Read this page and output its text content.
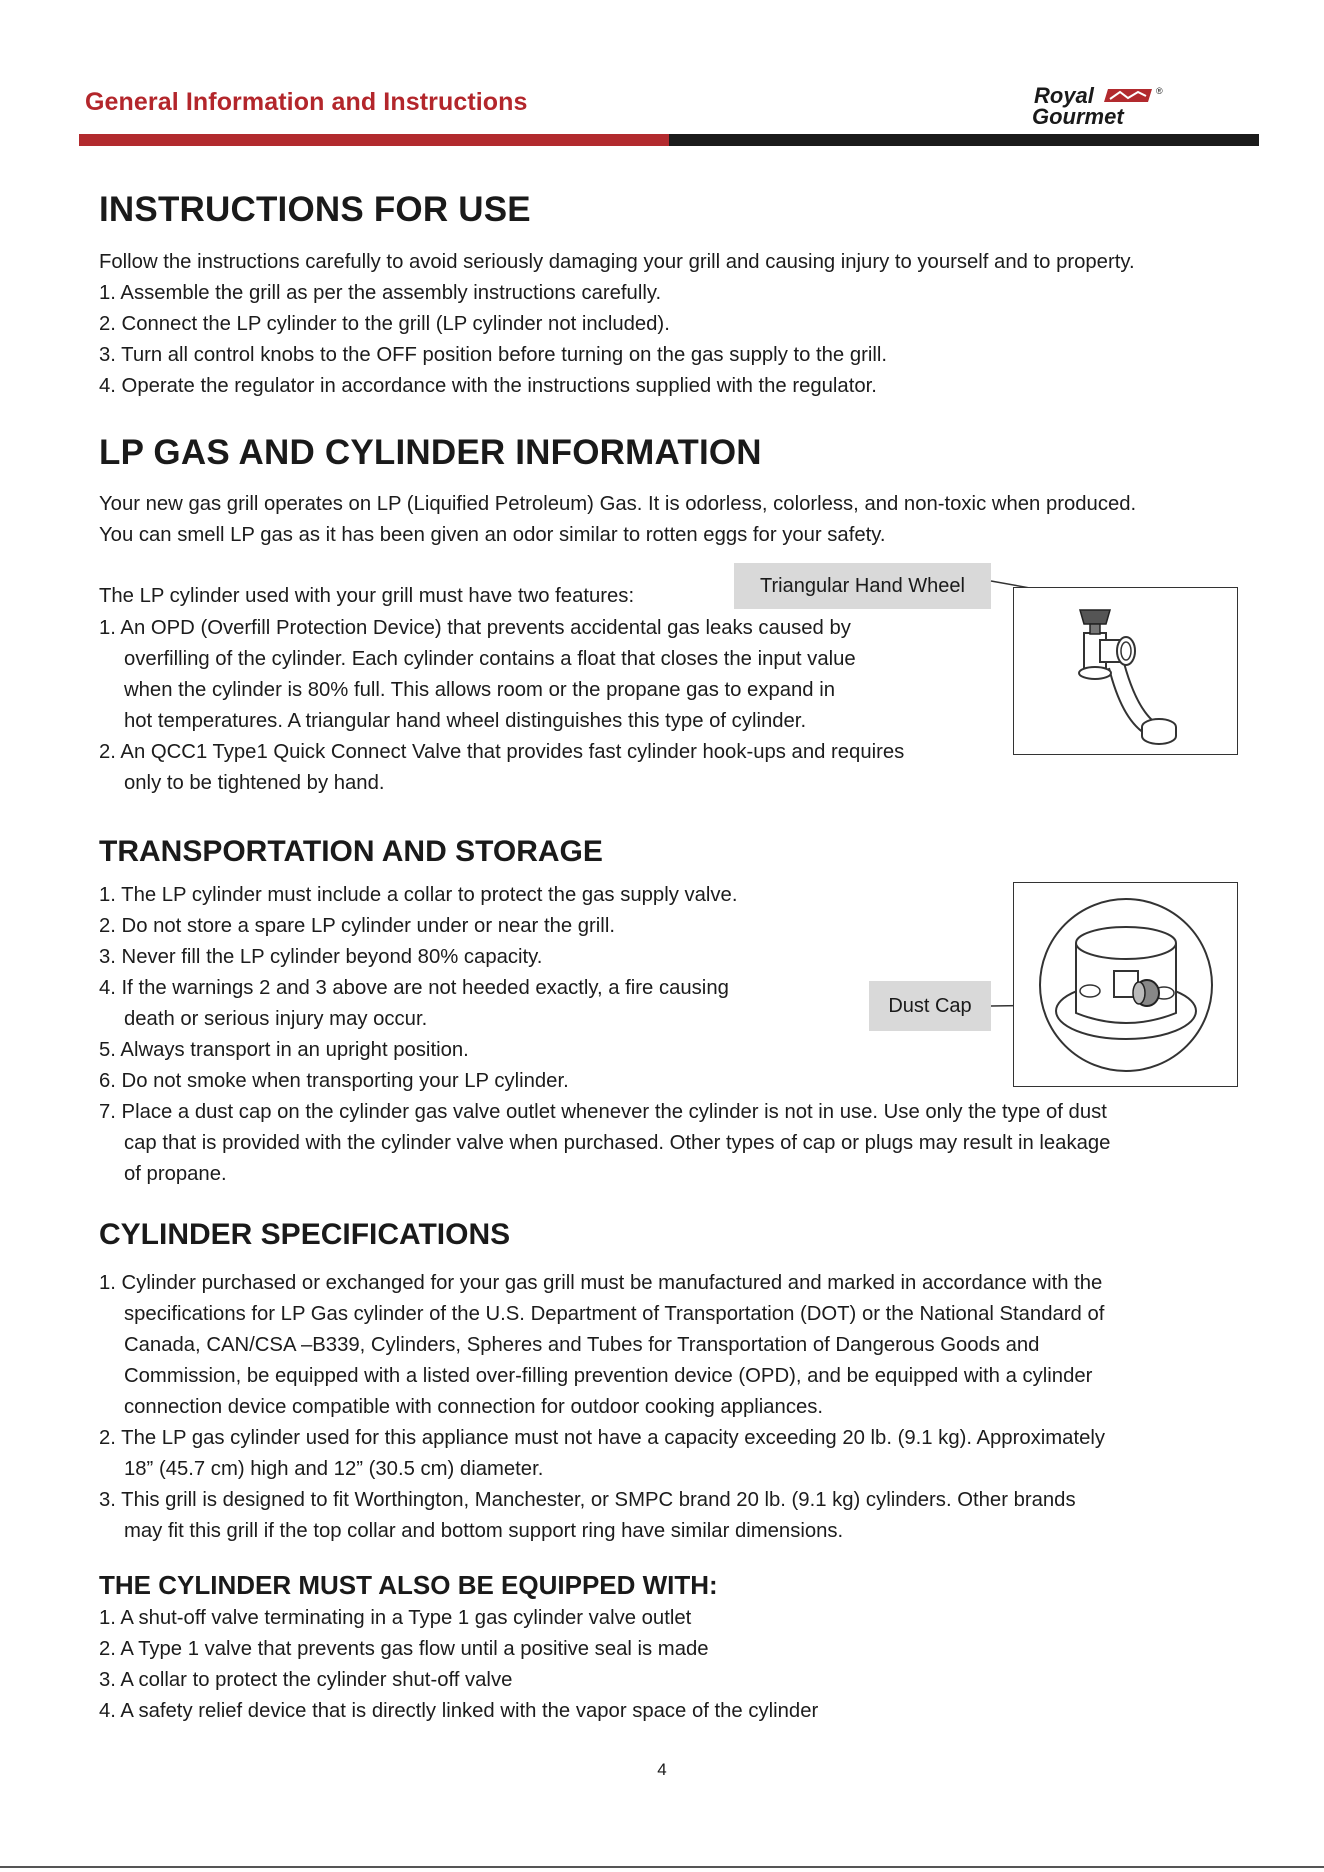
General Information and Instructions	Royal	®
Gourmet
INSTRUCTIONS FOR USE
Follow the instructions carefully to avoid seriously damaging your grill and causing injury to yourself and to property.
1. Assemble the grill as per the assembly instructions carefully.
2. Connect the LP cylinder to the grill (LP cylinder not included).
3. Turn all control knobs to the OFF position before turning on the gas supply to the grill.
4. Operate the regulator in accordance with the instructions supplied with the regulator.
LP GAS AND CYLINDER INFORMATION
Your new gas grill operates on LP (Liquified Petroleum) Gas. It is odorless, colorless, and non-toxic when produced.
You can smell LP gas as it has been given an odor similar to rotten eggs for your safety.
The LP cylinder used with your grill must have two features:
1. An OPD (Overfill Protection Device) that prevents accidental gas leaks caused by
overfilling of the cylinder. Each cylinder contains a float that closes the input value
when the cylinder is 80% full. This allows room or the propane gas to expand in
hot temperatures. A triangular hand wheel distinguishes this type of cylinder.
2. An QCC1 Type1 Quick Connect Valve that provides fast cylinder hook-ups and requires
only to be tightened by hand.
Triangular Hand Wheel
TRANSPORTATION AND STORAGE
1. The LP cylinder must include a collar to protect the gas supply valve.
2. Do not store a spare LP cylinder under or near the grill.
3. Never fill the LP cylinder beyond 80% capacity.
4. If the warnings 2 and 3 above are not heeded exactly, a fire causing
death or serious injury may occur.
5. Always transport in an upright position.
6. Do not smoke when transporting your LP cylinder.
7. Place a dust cap on the cylinder gas valve outlet whenever the cylinder is not in use. Use only the type of dust
cap that is provided with the cylinder valve when purchased. Other types of cap or plugs may result in leakage
of propane.
Dust Cap
CYLINDER SPECIFICATIONS
1. Cylinder purchased or exchanged for your gas grill must be manufactured and marked in accordance with the
specifications for LP Gas cylinder of the U.S. Department of Transportation (DOT) or the National Standard of
Canada, CAN/CSA –B339, Cylinders, Spheres and Tubes for Transportation of Dangerous Goods and
Commission, be equipped with a listed over-filling prevention device (OPD), and be equipped with a cylinder
connection device compatible with connection for outdoor cooking appliances.
2. The LP gas cylinder used for this appliance must not have a capacity exceeding 20 lb. (9.1 kg). Approximately
18” (45.7 cm) high and 12” (30.5 cm) diameter.
3. This grill is designed to fit Worthington, Manchester, or SMPC brand 20 lb. (9.1 kg) cylinders. Other brands
may fit this grill if the top collar and bottom support ring have similar dimensions.
THE CYLINDER MUST ALSO BE EQUIPPED WITH:
1. A shut-off valve terminating in a Type 1 gas cylinder valve outlet
2. A Type 1 valve that prevents gas flow until a positive seal is made
3. A collar to protect the cylinder shut-off valve
4. A safety relief device that is directly linked with the vapor space of the cylinder
4
